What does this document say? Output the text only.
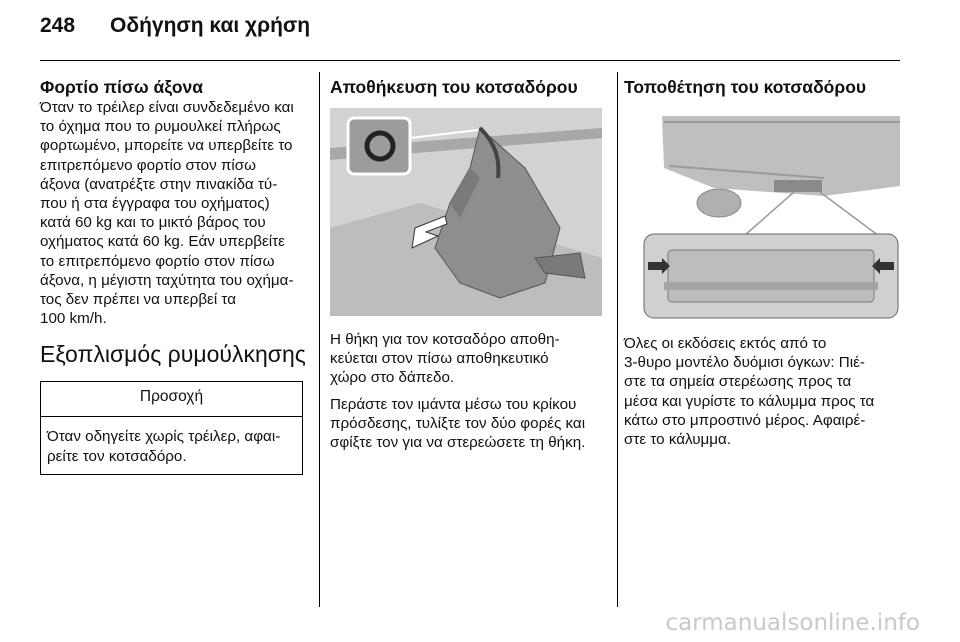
248 Οδήγηση και χρήση
Φορτίο πίσω άξονα

Όταν το τρέιλερ είναι συνδεδεμένο και
το όχημα που το ρυμουλκεί πλήρως
φορτωμένο, μπορείτε να υπερβείτε το
επιτρεπόμενο φορτίο στον πίσω
άξονα (ανατρέξτε στην πινακίδα τύ-
που ή στα έγγραφα του οχήματος)
κατά 60 kg και το μικτό βάρος του
οχήματος κατά 60 kg. Εάν υπερβείτε
το επιτρεπόμενο φορτίο στον πίσω
άξονα, η μέγιστη ταχύτητα του οχήμα-
τος δεν πρέπει να υπερβεί τα
100 km/h.

Εξοπλισμός ρυμούλκησης
Προσοχή
Όταν οδηγείτε χωρίς τρέιλερ, αφαι-
ρείτε τον κοτσαδόρο.
Αποθήκευση του κοτσαδόρου

Η θήκη για τον κοτσαδόρο αποθη-
κεύεται στον πίσω αποθηκευτικό
χώρο στο δάπεδο.

Περάστε τον ιμάντα μέσω του κρίκου
πρόσδεσης, τυλίξτε τον δύο φορές και
σφίξτε τον για να στερεώσετε τη θήκη.

Τοποθέτηση του κοτσαδόρου

Όλες οι εκδόσεις εκτός από το
3-θυρο μοντέλο δυόμισι όγκων: Πιέ-
στε τα σημεία στερέωσης προς τα
μέσα και γυρίστε το κάλυμμα προς τα
κάτω στο μπροστινό μέρος. Αφαιρέ-
στε το κάλυμμα.

carmanualsonline.info
